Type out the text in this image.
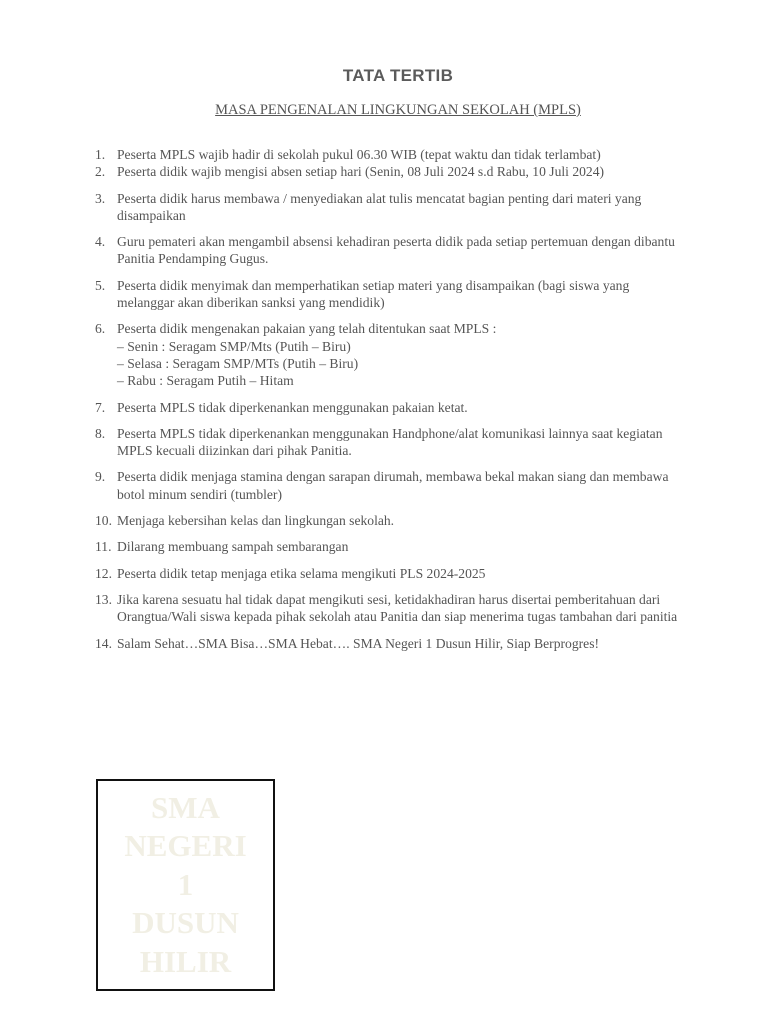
TATA TERTIB
MASA PENGENALAN LINGKUNGAN SEKOLAH (MPLS)
1. Peserta MPLS wajib hadir di sekolah pukul 06.30 WIB (tepat waktu dan tidak terlambat)
2. Peserta didik wajib mengisi absen setiap hari (Senin, 08 Juli 2024 s.d Rabu, 10 Juli 2024)
3. Peserta didik harus membawa / menyediakan alat tulis mencatat bagian penting dari materi yang disampaikan
4. Guru pemateri akan mengambil absensi kehadiran peserta didik pada setiap pertemuan dengan dibantu Panitia Pendamping Gugus.
5. Peserta didik menyimak dan memperhatikan setiap materi yang disampaikan (bagi siswa yang melanggar akan diberikan sanksi yang mendidik)
6. Peserta didik mengenakan pakaian yang telah ditentukan saat MPLS :
– Senin : Seragam SMP/Mts (Putih – Biru)
– Selasa : Seragam SMP/MTs (Putih – Biru)
– Rabu : Seragam Putih – Hitam
7. Peserta MPLS tidak diperkenankan menggunakan pakaian ketat.
8. Peserta MPLS tidak diperkenankan menggunakan Handphone/alat komunikasi lainnya saat kegiatan MPLS kecuali diizinkan dari pihak Panitia.
9. Peserta didik menjaga stamina dengan sarapan dirumah, membawa bekal makan siang dan membawa botol minum sendiri (tumbler)
10. Menjaga kebersihan kelas dan lingkungan sekolah.
11. Dilarang membuang sampah sembarangan
12. Peserta didik tetap menjaga etika selama mengikuti PLS 2024-2025
13. Jika karena sesuatu hal tidak dapat mengikuti sesi, ketidakhadiran harus disertai pemberitahuan dari Orangtua/Wali siswa kepada pihak sekolah atau Panitia dan siap menerima tugas tambahan dari panitia
14. Salam Sehat…SMA Bisa…SMA Hebat…. SMA Negeri 1 Dusun Hilir, Siap Berprogres!
SMA
NEGERI
1
DUSUN
HILIR
